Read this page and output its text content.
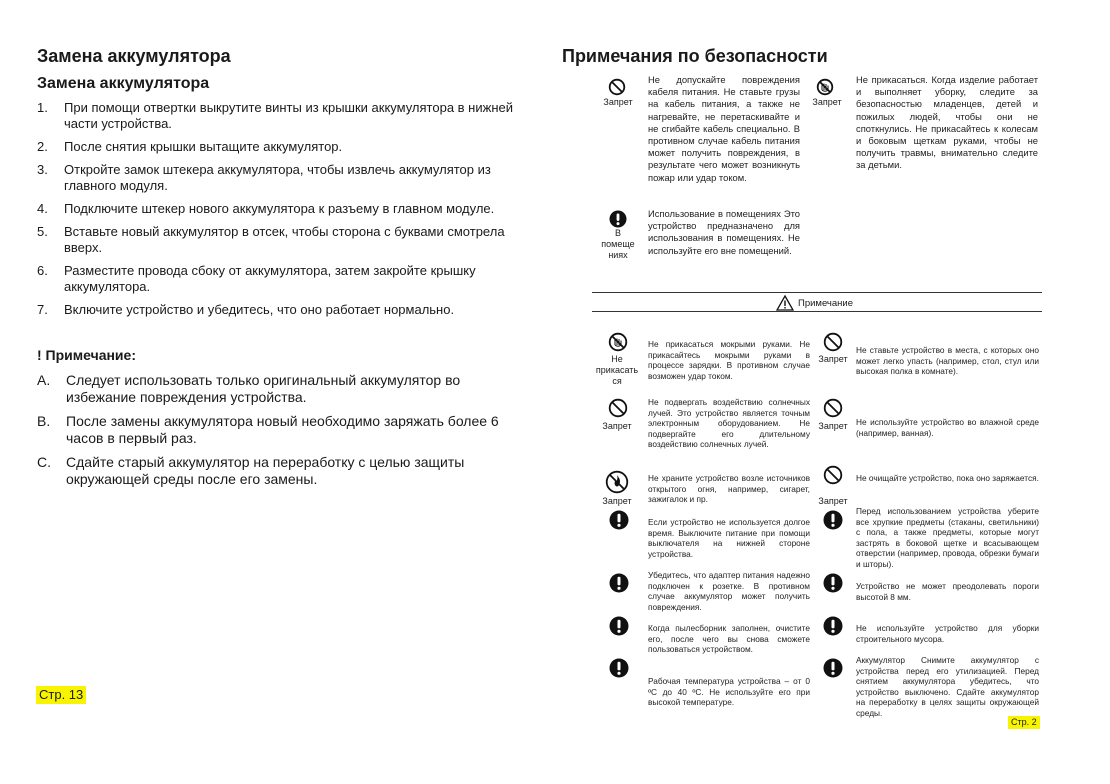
Замена аккумулятора
Замена аккумулятора
1.	При помощи отвертки выкрутите винты из крышки аккумулятора в нижней части устройства.
2.	После снятия крышки вытащите аккумулятор.
3.	Откройте замок штекера аккумулятора, чтобы извлечь аккумулятор из главного модуля.
4.	Подключите штекер нового аккумулятора к разъему в главном модуле.
5.	Вставьте новый аккумулятор в отсек, чтобы сторона с буквами смотрела вверх.
6.	Разместите провода сбоку от аккумулятора, затем закройте крышку аккумулятора.
7.	Включите устройство и убедитесь, что оно работает нормально.
! Примечание:
A.	Следует использовать только оригинальный аккумулятор во избежание повреждения устройства.
B.	После замены аккумулятора новый необходимо заряжать более 6 часов в первый раз.
C.	Сдайте старый аккумулятор на переработку с целью защиты окружающей среды после его замены.
Стр. 13
Примечания по безопасности
Запрет
Не допускайте повреждения кабеля питания. Не ставьте грузы на кабель питания, а также не нагревайте, не перетаскивайте и не сгибайте кабель специально. В противном случае кабель питания может получить повреждения, в результате чего может возникнуть пожар или удар током.
В
помеще
ниях
Использование в помещениях Это устройство предназначено для использования в помещениях. Не используйте его вне помещений.
Запрет
Не прикасаться. Когда изделие работает и выполняет уборку, следите за безопасностью младенцев, детей и пожилых людей, чтобы они не споткнулись. Не прикасайтесь к колесам и боковым щеткам руками, чтобы не получить травмы, внимательно следите за детьми.
Примечание
Не
прикасать
ся
Не прикасаться мокрыми руками. Не прикасайтесь мокрыми руками в процессе зарядки. В противном случае возможен удар током.
Запрет
Не подвергать воздействию солнечных лучей. Это устройство является точным электронным оборудованием. Не подвергайте его длительному воздействию солнечных лучей.
Запрет
Не храните устройство возле источников открытого огня, например, сигарет, зажигалок и пр.
Если устройство не используется долгое время. Выключите питание при помощи выключателя на нижней стороне устройства.
Убедитесь, что адаптер питания надежно подключен к розетке. В противном случае аккумулятор может получить повреждения.
Когда пылесборник заполнен, очистите его, после чего вы снова сможете пользоваться устройством.
Рабочая температура устройства – от 0 ºС до 40 ºС. Не используйте его при высокой температуре.
Запрет
Не ставьте устройство в места, с которых оно может легко упасть (например, стол, стул или высокая полка в комнате).
Запрет	Не используйте устройство во влажной среде (например, ванная).
Запрет
Не очищайте устройство, пока оно заряжается.
Перед использованием устройства уберите все хрупкие предметы (стаканы, светильники) с пола, а также предметы, которые могут застрять в боковой щетке и всасывающем отверстии (например, провода, обрезки бумаги и шторы).
Устройство не может преодолевать пороги высотой 8 мм.
Не используйте устройство для уборки строительного мусора.
Аккумулятор Снимите аккумулятор с устройства перед его утилизацией. Перед снятием аккумулятора убедитесь, что устройство выключено. Сдайте аккумулятор на переработку в целях защиты окружающей среды.
Стр. 2
